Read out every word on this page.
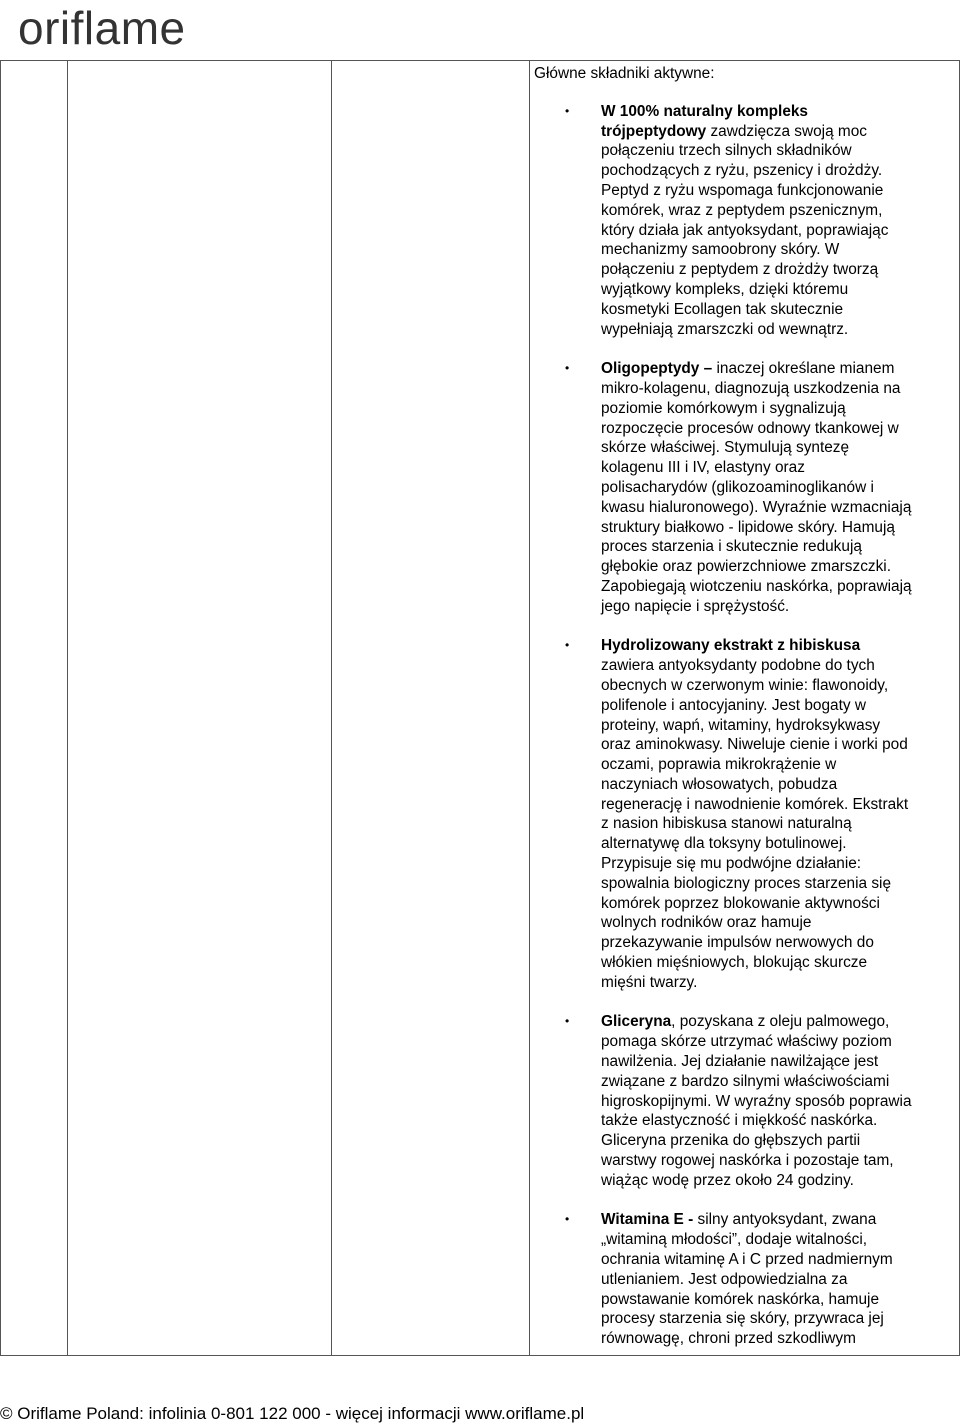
oriflame

Główne składniki aktywne:

• W 100% naturalny kompleks
trójpeptydowy zawdzięcza swoją moc
połączeniu trzech silnych składników
pochodzących z ryżu, pszenicy i drożdży.
Peptyd z ryżu wspomaga funkcjonowanie
komórek, wraz z peptydem pszenicznym,
który działa jak antyoksydant, poprawiając
mechanizmy samoobrony skóry. W
połączeniu z peptydem z drożdży tworzą
wyjątkowy kompleks, dzięki któremu
kosmetyki Ecollagen tak skutecznie
wypełniają zmarszczki od wewnątrz.
• Oligopeptydy – inaczej określane mianem
mikro-kolagenu, diagnozują uszkodzenia na
poziomie komórkowym i sygnalizują
rozpoczęcie procesów odnowy tkankowej w
skórze właściwej. Stymulują syntezę
kolagenu III i IV, elastyny oraz
polisacharydów (glikozoaminoglikanów i
kwasu hialuronowego). Wyraźnie wzmacniają
struktury białkowo - lipidowe skóry. Hamują
proces starzenia i skutecznie redukują
głębokie oraz powierzchniowe zmarszczki.
Zapobiegają wiotczeniu naskórka, poprawiają
jego napięcie i sprężystość.
• Hydrolizowany ekstrakt z hibiskusa
zawiera antyoksydanty podobne do tych
obecnych w czerwonym winie: flawonoidy,
polifenole i antocyjaniny. Jest bogaty w
proteiny, wapń, witaminy, hydroksykwasy
oraz aminokwasy. Niweluje cienie i worki pod
oczami, poprawia mikrokrążenie w
naczyniach włosowatych, pobudza
regenerację i nawodnienie komórek. Ekstrakt
z nasion hibiskusa stanowi naturalną
alternatywę dla toksyny botulinowej.
Przypisuje się mu podwójne działanie:
spowalnia biologiczny proces starzenia się
komórek poprzez blokowanie aktywności
wolnych rodników oraz hamuje
przekazywanie impulsów nerwowych do
włókien mięśniowych, blokując skurcze
mięśni twarzy.
• Gliceryna, pozyskana z oleju palmowego,
pomaga skórze utrzymać właściwy poziom
nawilżenia. Jej działanie nawilżające jest
związane z bardzo silnymi właściwościami
higroskopijnymi. W wyraźny sposób poprawia
także elastyczność i miękkość naskórka.
Gliceryna przenika do głębszych partii
warstwy rogowej naskórka i pozostaje tam,
wiążąc wodę przez około 24 godziny.
• Witamina E - silny antyoksydant, zwana
„witaminą młodości”, dodaje witalności,
ochrania witaminę A i C przed nadmiernym
utlenianiem. Jest odpowiedzialna za
powstawanie komórek naskórka, hamuje
procesy starzenia się skóry, przywraca jej
równowagę, chroni przed szkodliwym
© Oriflame Poland: infolinia 0-801 122 000 - więcej informacji www.oriflame.pl
